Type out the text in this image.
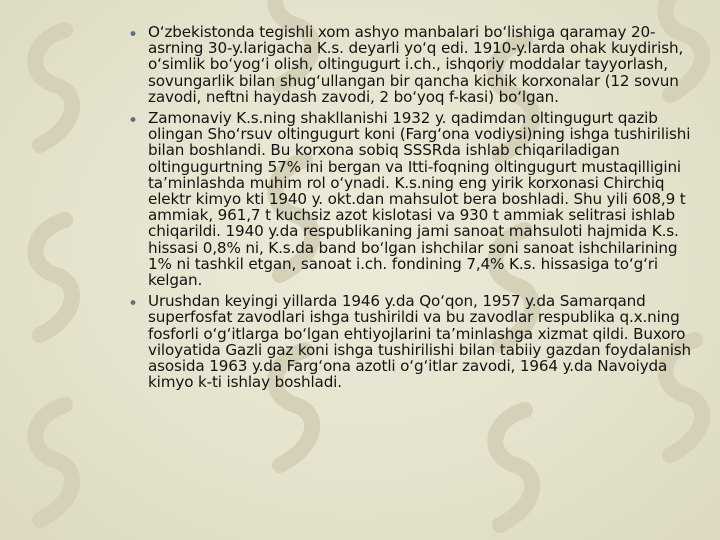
• O‘zbekistonda tegishli xom ashyo manbalari bo‘lishiga qaramay 20-asrning 30-y.larigacha K.s. deyarli yo‘q edi. 1910-y.larda ohak kuydirish, o‘simlik bo‘yog‘i olish, oltingugurt i.ch., ishqoriy moddalar tayyorlash, sovungarlik bilan shug‘ullangan bir qancha kichik korxonalar (12 sovun zavodi, neftni haydash zavodi, 2 bo‘yoq f-kasi) bo‘lgan.
• Zamonaviy K.s.ning shakllanishi 1932 y. qadimdan oltingugurt qazib olingan Sho‘rsuv oltingugurt koni (Farg‘ona vodiysi)ning ishga tushirilishi bilan boshlandi. Bu korxona sobiq SSSRda ishlab chiqariladigan oltingugurtning 57% ini bergan va Itti-foqning oltingugurt mustaqilligini ta’minlashda muhim rol o‘ynadi. K.s.ning eng yirik korxonasi Chirchiq elektr kimyo kti 1940 y. okt.dan mahsulot bera boshladi. Shu yili 608,9 t ammiak, 961,7 t kuchsiz azot kislotasi va 930 t ammiak selitrasi ishlab chiqarildi. 1940 y.da respublikaning jami sanoat mahsuloti hajmida K.s. hissasi 0,8% ni, K.s.da band bo‘lgan ishchilar soni sanoat ishchilarining 1% ni tashkil etgan, sanoat i.ch. fondining 7,4% K.s. hissasiga to‘g‘ri kelgan.
• Urushdan keyingi yillarda 1946 y.da Qo‘qon, 1957 y.da Samarqand superfosfat zavodlari ishga tushirildi va bu zavodlar respublika q.x.ning fosforli o‘g‘itlarga bo‘lgan ehtiyojlarini ta’minlashga xizmat qildi. Buxoro viloyatida Gazli gaz koni ishga tushirilishi bilan tabiiy gazdan foydalanish asosida 1963 y.da Farg‘ona azotli o‘g‘itlar zavodi, 1964 y.da Navoiyda kimyo k-ti ishlay boshladi.
